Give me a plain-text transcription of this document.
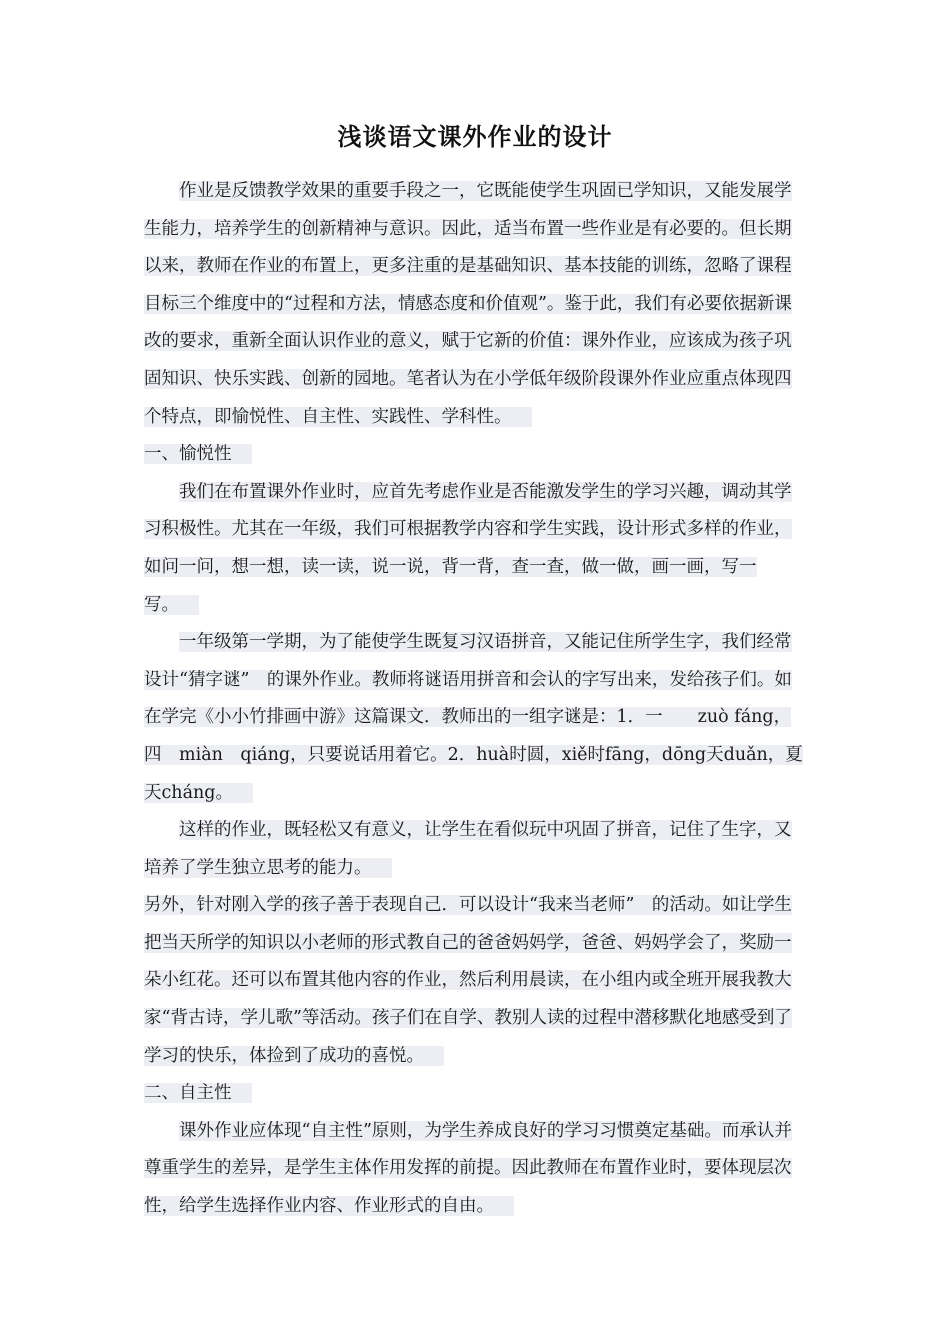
浅谈语文课外作业的设计

作业是反馈教学效果的重要手段之一，它既能使学生巩固已学知识，又能发展学生能力，培养学生的创新精神与意识。因此，适当布置一些作业是有必要的。但长期以来，教师在作业的布置上，更多注重的是基础知识、基本技能的训练，忽略了课程目标三个维度中的“过程和方法，情感态度和价值观”。鉴于此，我们有必要依据新课改的要求，重新全面认识作业的意义，赋于它新的价值：课外作业，应该成为孩子巩固知识、快乐实践、创新的园地。笔者认为在小学低年级阶段课外作业应重点体现四个特点，即愉悦性、自主性、实践性、学科性。

一、愉悦性

我们在布置课外作业时，应首先考虑作业是否能激发学生的学习兴趣，调动其学习积极性。尤其在一年级，我们可根据教学内容和学生实践，设计形式多样的作业，如问一问，想一想，读一读，说一说，背一背，查一查，做一做，画一画，写一写。

一年级第一学期，为了能使学生既复习汉语拼音，又能记住所学生字，我们经常设计“猜字谜”　的课外作业。教师将谜语用拼音和会认的字写出来，发给孩子们。如在学完《小小竹排画中游》这篇课文．教师出的一组字谜是：1．一　　zuò fáng，四　miàn　qiáng，只要说话用着它。2．huà时圆，xiě时fāng，dōng天duǎn，夏天cháng。

这样的作业，既轻松又有意义，让学生在看似玩中巩固了拼音，记住了生字，又培养了学生独立思考的能力。

另外，针对刚入学的孩子善于表现自己．可以设计“我来当老师”　的活动。如让学生把当天所学的知识以小老师的形式教自己的爸爸妈妈学，爸爸、妈妈学会了，奖励一朵小红花。还可以布置其他内容的作业，然后利用晨读，在小组内或全班开展我教大家“背古诗，学儿歌”等活动。孩子们在自学、教别人读的过程中潜移默化地感受到了学习的快乐，体捡到了成功的喜悦。

二、自主性

课外作业应体现“自主性”原则，为学生养成良好的学习习惯奠定基础。而承认并尊重学生的差异，是学生主体作用发挥的前提。因此教师在布置作业时，要体现层次性，给学生选择作业内容、作业形式的自由。
